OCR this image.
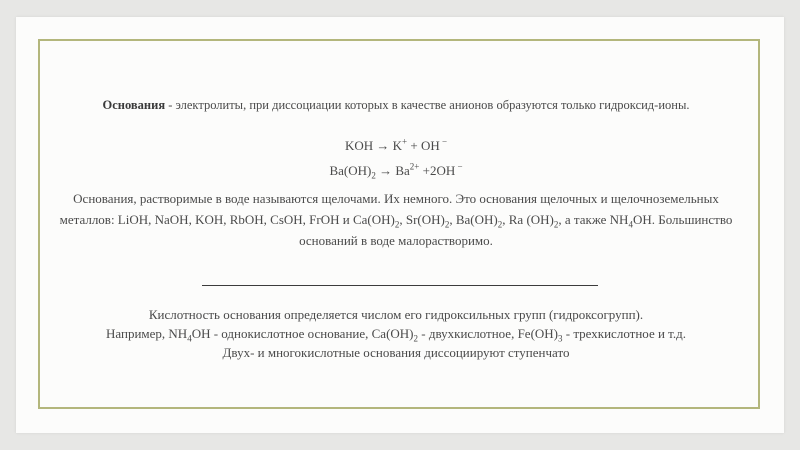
Основания - электролиты, при диссоциации которых в качестве анионов образуются только гидроксид-ионы.

KOH → K+ + OH −

$Ba(OH)_2 \to Ba^{2+} +2OH$ −

Основания, растворимые в воде называются щелочами. Их немного. Это основания щелочных и щелочноземельных металлов: LiOH, NaOH, KOH, RbOH, CsOH, FrOH и $Ca(OH)_2$, $Sr(OH)_2$, $Ba(OH)_2$, Ra $(OH)_2$, а также $NH_4OH$. Большинство оснований в воде малорастворимо.

Кислотность основания определяется числом его гидроксильных групп (гидроксогрупп).
Например, $NH_4OH$ - однокислотное основание, $Ca(OH)_2$ - двухкислотное, $Fe(OH)_3$ - трехкислотное и т.д.
Двух- и многокислотные основания диссоциируют ступенчато
